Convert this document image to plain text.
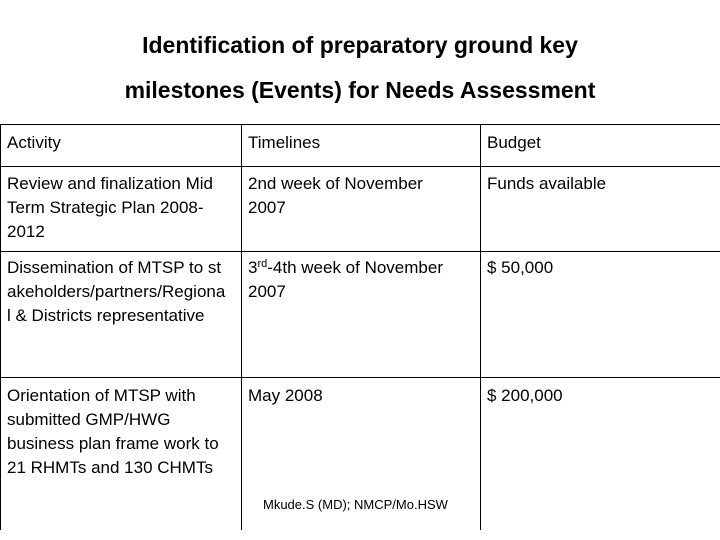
Identification of preparatory ground key
milestones (Events) for Needs Assessment
Activity	Timelines	Budget

Review and finalization Mid Term Strategic Plan 2008-2012	2nd week of November 2007	Funds available

Dissemination of MTSP to stakeholders/partners/Regional & Districts representative	3rd-4th week of November 2007	$ 50,000

Orientation of MTSP with submitted GMP/HWG business plan frame work to 21 RHMTs and 130 CHMTs	May 2008	$ 200,000
Mkude.S (MD); NMCP/Mo.HSW
